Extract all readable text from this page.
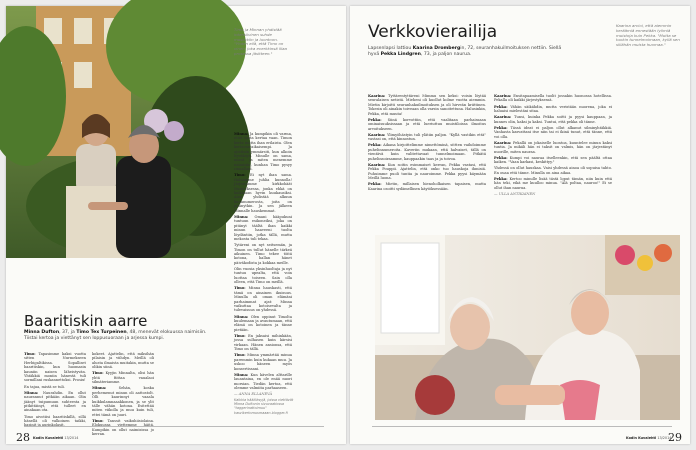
Timo ja Minnan yhdistää intensiivinen suhde musiikkiin ja luontoon. "Yhden eilä, että Timo on vinen, joka everkkinsä illaa prosessa jäsitteen."
Baaritiskin aarre
Minna Dufton, 37, ja Timo Tex Turpeinen, 48, menevät elokuussa naimisiin. Tiistai kertoa ja viettänyt sen loppusuoraan ja arjessa kumpi.

Timo: Tapasimme kaksi vuotta sitten Nurmekseen Herbigaltikissa. Sopalliset baaritiskin, kun huomasin kauniin naisen läheistyvän. Yhtäkkiä moniin hänestä tuli sormillani ruskannettoksi. Prosix!

En tajua, mistä se tuli.

Minna: Naurahdin. En ollut naurannut pitkään aikaan. Olin jäänyt tuipumuun suhteesta ja pitkittäinyt, että tulleet en ainakaan ota.

Timo aivotiisi baaritiskillä, sillä hänellä oli valkoinen taikki, basinit ja aurinkolasit.

kokeet. Ajattelin, että miksihän pilaisin ja viihdyn. Meillä oli alusta ilmaista muitakin, mutta se olikin siinä.

Timo: Kyyjin Minnalta, olisi hän yhtä fiittaa vaualaoi silmäteriamme.

Minna: Sehän, koska perhemenut minun oli aattostolt. Olli kaurinnyt vaaala kuikkulamnaaakkonen, ja se ylit tälle vähän kotona. Esitettää miten viikolla ja muu kuin tuli, ettei tämä on juuri.

Timo: Tanssit vaikuhiisiolaina. Elokuussa viettemme häitä. Kumpikin on ollut naimisissa jo kerran.

Minna: Ja kumpikin oli varma, ettei tuota kertaa vaan. Timon kerta mutta ihan erilaista. Olen kertavan-aikaisempi. Ja ajoittain ymmärsiti, kun alkoin hyväksyä. Minulle on sama, missä ja miten menemme naimisiin, kunhan Timo pysyy rinnallani.

Timo: Ei nyt ihan sama. Haluamme juhlia kunnolla! Järjestämme kirkkohäät Nurmeksessa, jonka ehkä on kaikkiaan hyvin kuukausiksi. Aion yhdistää alkuun kuunnumerosta, joita on pitänytkin. Ja sen jälkeen Minnalle hauskemmat.

Minna: Omani hääpukuni tuntuun esikoneiksi, joka on pitänyt täältä ihan kaikki minun haaveeni tuolta löydäntiin, jotka tällä, mutta mekosta tuli tekaa.

Tytäreni on nyt seitsemän, ja Timon on tullut hänelle tärkeä aikuinen. Timo tekee töitä kotona, hallan hänet päiväkodista ja kokkaa meille.

Olin vuosia yksinhuoltaja ja nyt tuntuu upealta, että voin luottaa toiseen. Sain olla olleen, että Timo on meillä.

Timo: Minna hauskasti, että tämä on ainainen ikuisuus. Minulla oli oman elämäni parhaimmat ajat: Minna vaikuttaa kotoisevalta ja tulevaisuus on yhdessä.

Minna: Olen oppinut Timolta kuulemaan ja avautumaan, että elämä on kotoinen ja tänne pietään.

Timo: En jaksaisi mihinkään, jossa sulhasen kuin kärsisi virkaan. Hänen ansionsa, että Timo on tällä.

Timo: Minna ymmärtää minua paremmin kuin kukaan muu. Ja uskoo häneen myös konsertissani.

Minna: Kun kävelen alttarille lauantaina, en ole enää nuori morsian. Tiedän kertoa, että olemme valmiita parhaaseen.

— ANNA ELLANEVÄ

Kaikkia häälöksyjä, joissa viettävät Minna Duftonin sivuvaatiossa "taggerinattoimuu" kasvikertomusmaaan-blogger.fi
28 Kodin Kuvalehti 13/2014
Verkkovierailija
Lapsenlapsi lattiou Kaarina Drombergin, 72, seuranhakuilmoituksen nettiin. Siellä hyvä Pekka Lindgren, 73, ja paljon naurua.
Kaarina arvioi, että aiemmin keräämiä ennestään lyömiä muistoja kuin Pekka. "Mutta se tuokin tunnelmoimaan, kyllä sen sillähän muista huomaa."

Kaarina: Tyttärentyttäreni Mimmu sen keksi: voisin löytää seuralaisen netistä. Mieheni oli kuollut kolme vuotta aiemmin. Mietin kirjoitti seuranhakuilmoituksen ja oli hirveän kriittinen. Tokesin oli ainakin toiveaan olla varsin sanoitettuna. Halusinkin, Pekka, että muuta!

Pekka: Siinä korvottiin, että vaalitaan parhaissaan ominaisuuksissaan ja että lueriuttuu muistiloissa ilmoitus arvoitukseen.

Kaarina: Ylimyöhästyin tuli ylätiin paljon. "Kyllä vastikin että" vastasi on, että kinnostun.

Pekka: Aikana kirjoittelimme nimettöminä, sittten vaihdoimme puhelinnumeroita. Kaveriin mukaan, että halvaiset, tällä on vientävä kuin valitettavaat tunnelmoimaan. Pitkätä puhelinsoiraamme, kauppaakin taas ja ja toivoa.

Kaarina: Kun soitin esimmaiset kerran, Pekka vastasi, että Pekka Pouppii. Ajattelin, että onko tuo hauskoja ihmisiä. Puhuimme puoli tuntia ja nauroimme. Pekka pyysi käymään Meillä luona.

Pekka: Mietin, millaisen hienoholkaisen tapaisen, mutta Kaarina osoitti sydämellinen käytöksessään.

Kaarina: Ensitapaamisella tuolit jossakin huonossa hotellissa. Pekalla oli kaikki järjestyksessä.

Pekka: Vähän säikähdin, mutta veristään nuorena, joka ei haluaisi mielestäni sitaa.

Kaarina: Tunsi, kuinka Pekka soitti ja pyysi kauppaan, ja kunnes olin, kaksi ja kaksi. Tuntui, että pekka oli tänne.

Pekka: Tässä ideat ei paljon ollut alkanut silminyhtäkkiä. Vanhasta kasvattani itse niin tai ei ikinä tunut, että tänne, että voi olla.

Kaarina: Pekallä on jokaiselle luontoa, kuuntelee minun kaksi tuntia. Ja mikäli hän ei taksit on valmis, hän on järjestänyt nuorille, miten nauraa.

Pekka: Kumpi voi nauraa itselleenkin, että sen päältä ottaa kaiken. "Vaan karkasi, keskittyy."

Yhdessä on ollut hauskaa. Vaisi yhdessä ainoa oli sopuisa tahto. En ouaa että tänne. Minulla on aina aikaa.

Pekka: Kertoo minulle lisää tästä loput tämän, niin kuin että hän teki, eikä me kuulloo minua. "Älä poltaa, nauroo!" Ei se ollut ihan naurua.

— ULLA ANTIKAINEN

Kodin Kuvalehti 13/2014
29
